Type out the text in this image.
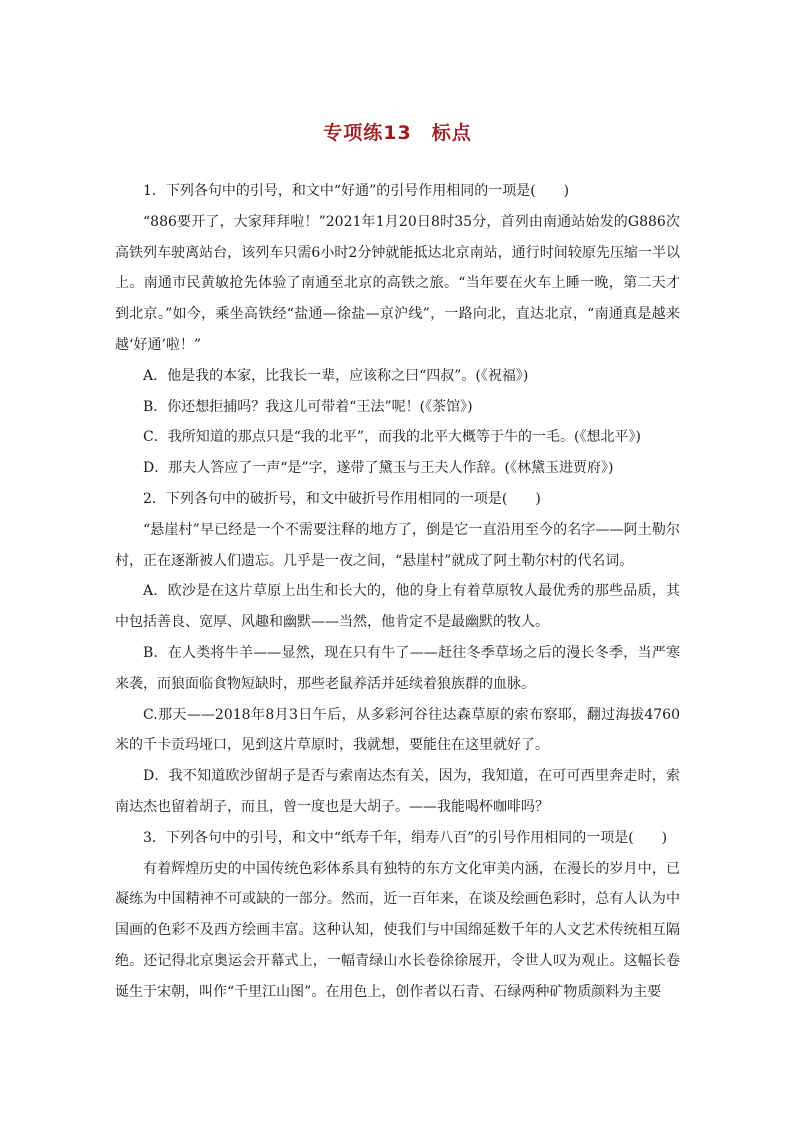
专项练13　标点

1．下列各句中的引号，和文中“好通”的引号作用相同的一项是(　　)

“886要开了，大家拜拜啦！”2021年1月20日8时35分，首列由南通站始发的G886次高铁列车驶离站台，该列车只需6小时2分钟就能抵达北京南站，通行时间较原先压缩一半以上。南通市民黄敏抢先体验了南通至北京的高铁之旅。“当年要在火车上睡一晚，第二天才到北京。”如今，乘坐高铁经“盐通—徐盐—京沪线”，一路向北，直达北京，“南通真是越来越‘好通’啦！”

A．他是我的本家，比我长一辈，应该称之曰“四叔”。(《祝福》)

B．你还想拒捕吗？我这儿可带着“王法”呢！(《茶馆》)

C．我所知道的那点只是“我的北平”，而我的北平大概等于牛的一毛。(《想北平》)

D．那夫人答应了一声“是”字，遂带了黛玉与王夫人作辞。(《林黛玉进贾府》)

2．下列各句中的破折号，和文中破折号作用相同的一项是(　　)

“悬崖村”早已经是一个不需要注释的地方了，倒是它一直沿用至今的名字——阿土勒尔村，正在逐渐被人们遗忘。几乎是一夜之间，“悬崖村”就成了阿土勒尔村的代名词。

A．欧沙是在这片草原上出生和长大的，他的身上有着草原牧人最优秀的那些品质，其中包括善良、宽厚、风趣和幽默——当然，他肯定不是最幽默的牧人。

B．在人类将牛羊——显然，现在只有牛了——赶往冬季草场之后的漫长冬季，当严寒来袭，而狼面临食物短缺时，那些老鼠养活并延续着狼族群的血脉。

C.那天——2018年8月3日午后，从多彩河谷往达森草原的索布察耶，翻过海拔4760米的千卡贡玛垭口，见到这片草原时，我就想，要能住在这里就好了。

D．我不知道欧沙留胡子是否与索南达杰有关，因为，我知道，在可可西里奔走时，索南达杰也留着胡子，而且，曾一度也是大胡子。——我能喝杯咖啡吗？

3．下列各句中的引号，和文中“纸寿千年，绢寿八百”的引号作用相同的一项是(　　)

有着辉煌历史的中国传统色彩体系具有独特的东方文化审美内涵，在漫长的岁月中，已凝练为中国精神不可或缺的一部分。然而，近一百年来，在谈及绘画色彩时，总有人认为中国画的色彩不及西方绘画丰富。这种认知，使我们与中国绵延数千年的人文艺术传统相互隔绝。还记得北京奥运会开幕式上，一幅青绿山水长卷徐徐展开，令世人叹为观止。这幅长卷诞生于宋朝，叫作“千里江山图”。在用色上，创作者以石青、石绿两种矿物质颜料为主要
